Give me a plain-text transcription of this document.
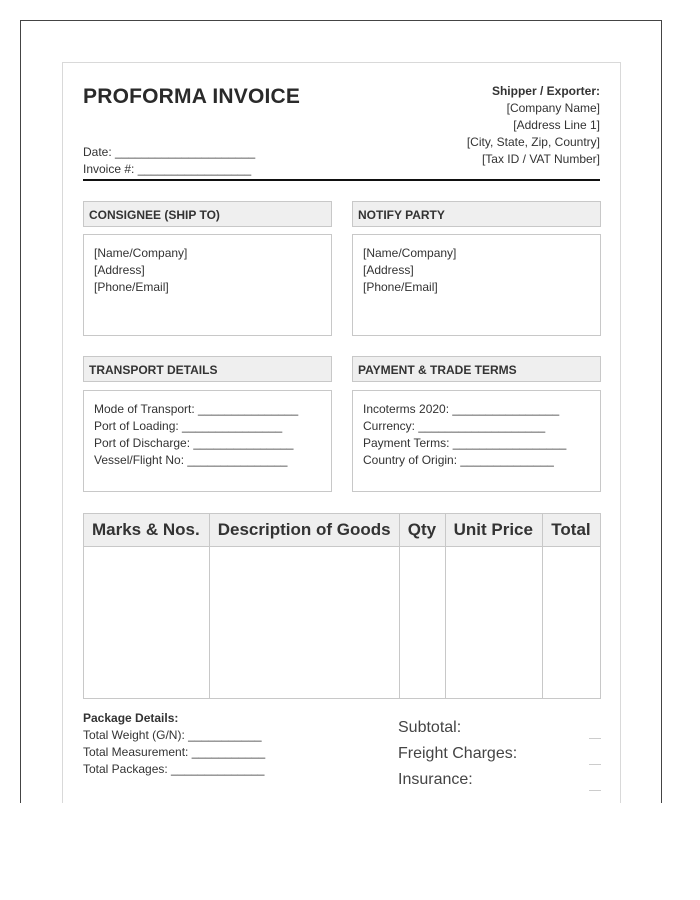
PROFORMA INVOICE
Date: _____________________
Invoice #: _________________
Shipper / Exporter:
[Company Name]
[Address Line 1]
[City, State, Zip, Country]
[Tax ID / VAT Number]
CONSIGNEE (SHIP TO)
[Name/Company]
[Address]
[Phone/Email]
NOTIFY PARTY
[Name/Company]
[Address]
[Phone/Email]
TRANSPORT DETAILS
Mode of Transport: _______________
Port of Loading: _______________
Port of Discharge: _______________
Vessel/Flight No: _______________
PAYMENT & TRADE TERMS
Incoterms 2020: ________________
Currency: ___________________
Payment Terms: _________________
Country of Origin: ______________
Marks & Nos.	Description of Goods	Qty	Unit Price	Total

Package Details:
Total Weight (G/N): ___________
Total Measurement: ___________
Total Packages: ______________
Subtotal:
Freight Charges:
Insurance:
